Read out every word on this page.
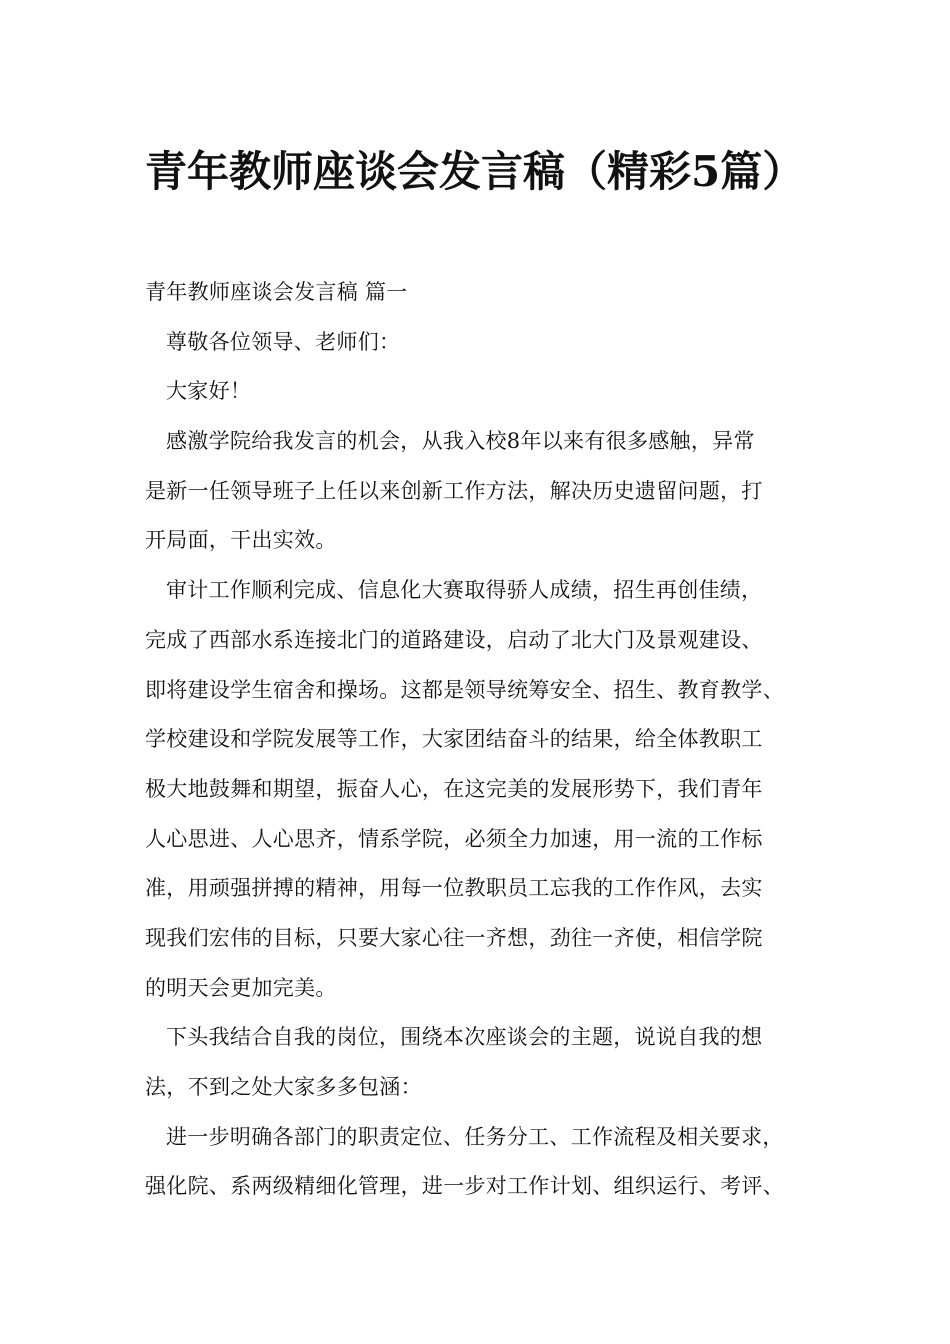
青年教师座谈会发言稿（精彩5篇）
青年教师座谈会发言稿 篇一
尊敬各位领导、老师们：
大家好！
感激学院给我发言的机会，从我入校8年以来有很多感触，异常
是新一任领导班子上任以来创新工作方法，解决历史遗留问题，打
开局面，干出实效。
审计工作顺利完成、信息化大赛取得骄人成绩，招生再创佳绩，
完成了西部水系连接北门的道路建设，启动了北大门及景观建设、
即将建设学生宿舍和操场。这都是领导统筹安全、招生、教育教学、
学校建设和学院发展等工作，大家团结奋斗的结果，给全体教职工
极大地鼓舞和期望，振奋人心，在这完美的发展形势下，我们青年
人心思进、人心思齐，情系学院，必须全力加速，用一流的工作标
准，用顽强拼搏的精神，用每一位教职员工忘我的工作作风，去实
现我们宏伟的目标，只要大家心往一齐想，劲往一齐使，相信学院
的明天会更加完美。
下头我结合自我的岗位，围绕本次座谈会的主题，说说自我的想
法，不到之处大家多多包涵：
进一步明确各部门的职责定位、任务分工、工作流程及相关要求，
强化院、系两级精细化管理，进一步对工作计划、组织运行、考评、
